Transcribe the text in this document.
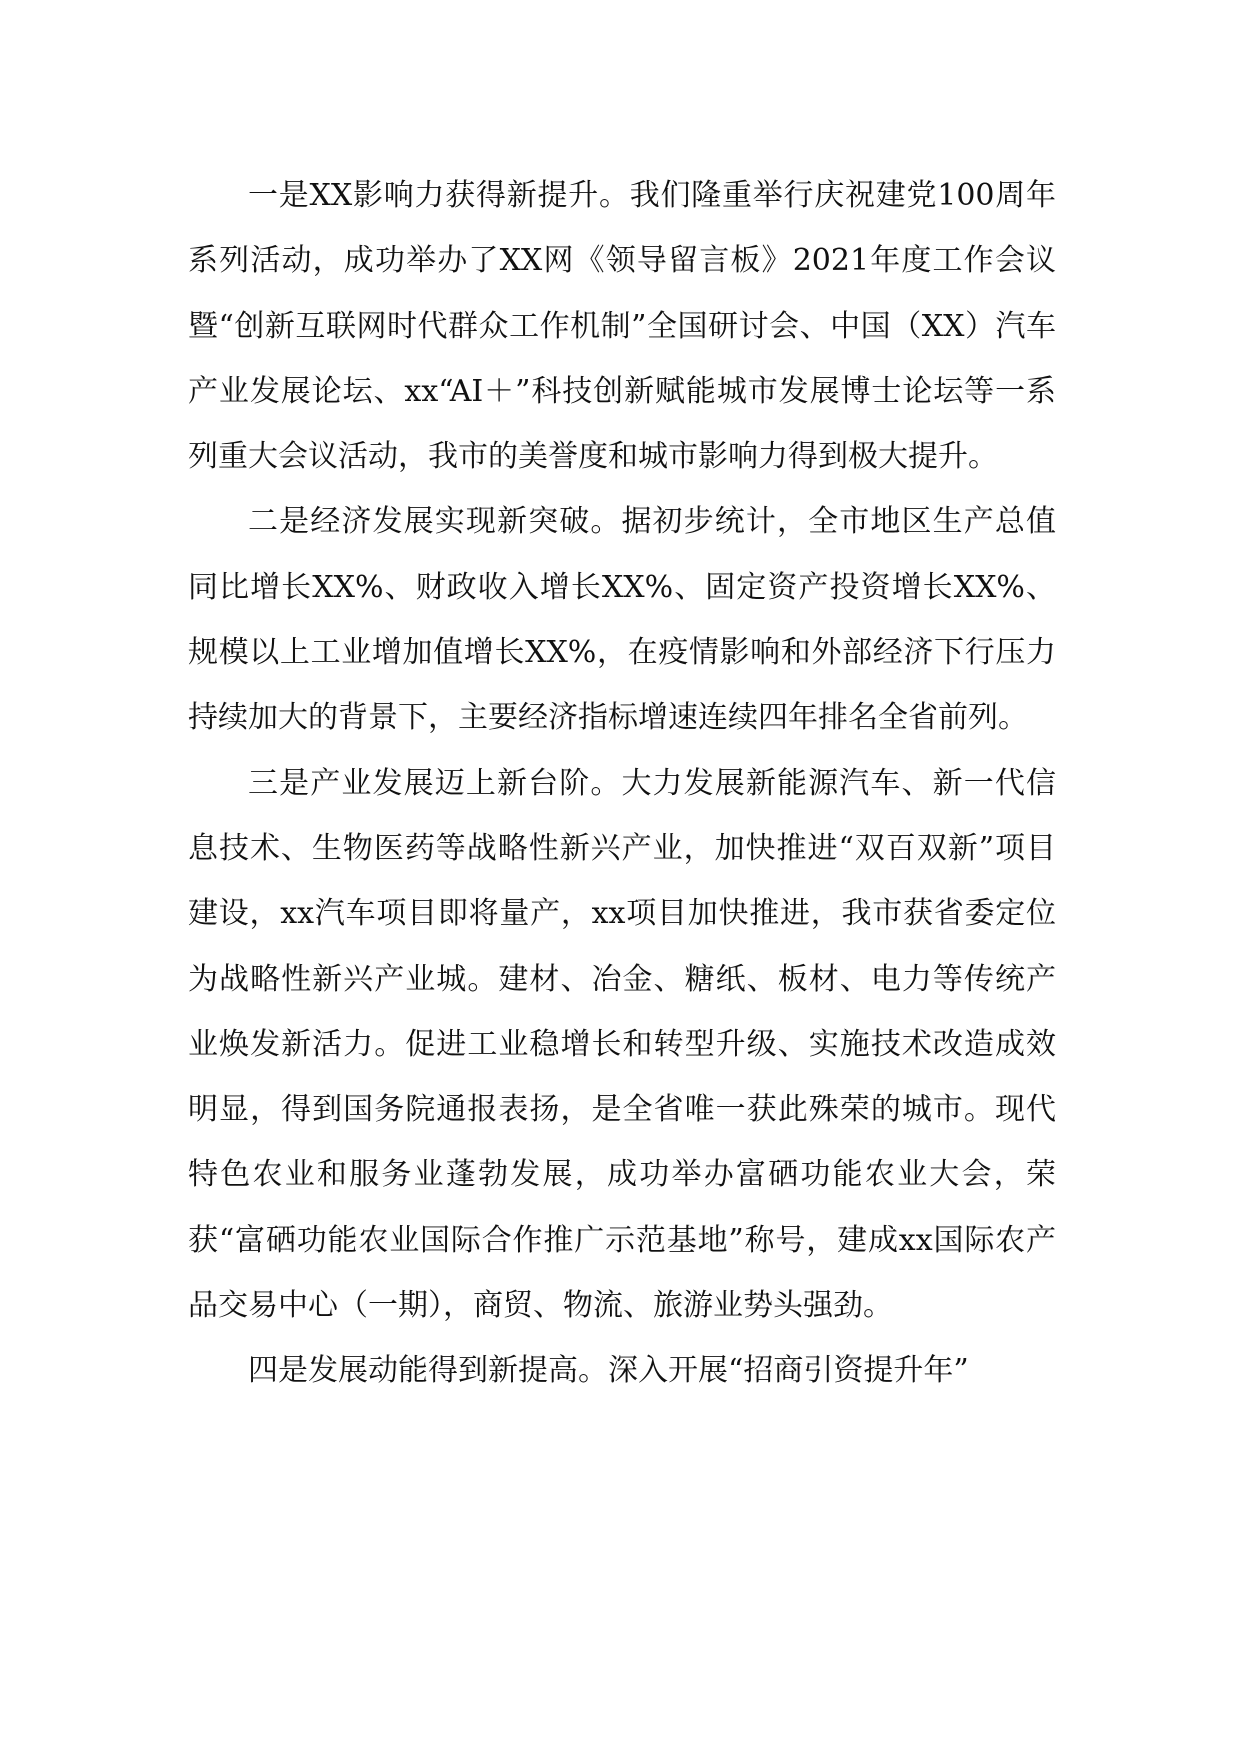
一是XX影响力获得新提升。我们隆重举行庆祝建党100周年系列活动，成功举办了XX网《领导留言板》2021年度工作会议暨“创新互联网时代群众工作机制”全国研讨会、中国（XX）汽车产业发展论坛、xx“AI＋”科技创新赋能城市发展博士论坛等一系列重大会议活动，我市的美誉度和城市影响力得到极大提升。

二是经济发展实现新突破。据初步统计，全市地区生产总值同比增长XX%、财政收入增长XX%、固定资产投资增长XX%、规模以上工业增加值增长XX%，在疫情影响和外部经济下行压力持续加大的背景下，主要经济指标增速连续四年排名全省前列。

三是产业发展迈上新台阶。大力发展新能源汽车、新一代信息技术、生物医药等战略性新兴产业，加快推进“双百双新”项目建设，xx汽车项目即将量产，xx项目加快推进，我市获省委定位为战略性新兴产业城。建材、冶金、糖纸、板材、电力等传统产业焕发新活力。促进工业稳增长和转型升级、实施技术改造成效明显，得到国务院通报表扬，是全省唯一获此殊荣的城市。现代特色农业和服务业蓬勃发展，成功举办富硒功能农业大会，荣获“富硒功能农业国际合作推广示范基地”称号，建成xx国际农产品交易中心（一期），商贸、物流、旅游业势头强劲。

四是发展动能得到新提高。深入开展“招商引资提升年”
